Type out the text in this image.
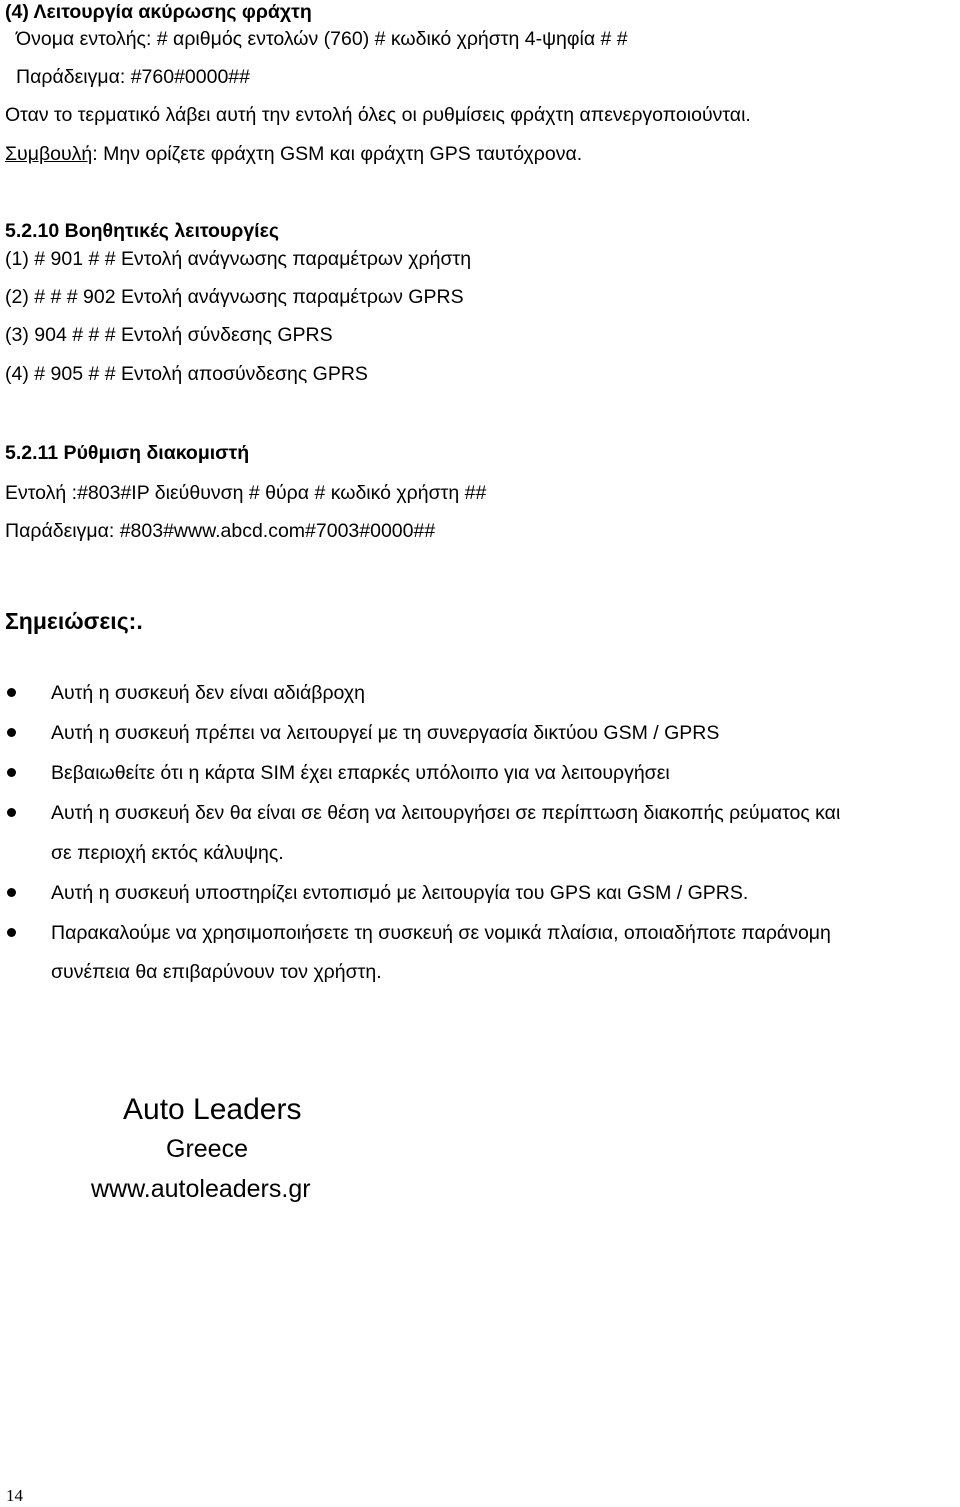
(4) Λειτουργία ακύρωσης φράχτη
Όνομα εντολής: # αριθμός εντολών (760) # κωδικό χρήστη 4-ψηφία # #
Παράδειγμα: #760#0000##
Οταν το τερματικό λάβει αυτή την εντολή όλες οι ρυθμίσεις φράχτη απενεργοποιούνται.
Συμβουλή: Μην ορίζετε φράχτη GSM και φράχτη GPS ταυτόχρονα.
5.2.10 Βοηθητικές λειτουργίες
(1) # 901 # # Εντολή ανάγνωσης παραμέτρων χρήστη
(2) # # # 902 Εντολή ανάγνωσης παραμέτρων GPRS
(3) 904 # # # Εντολή σύνδεσης GPRS
(4) # 905 # # Εντολή αποσύνδεσης GPRS
5.2.11 Ρύθμιση διακομιστή
Εντολή :#803#IP διεύθυνση # θύρα # κωδικό χρήστη ##
Παράδειγμα: #803#www.abcd.com#7003#0000##
Σημειώσεις:.
Αυτή η συσκευή δεν είναι αδιάβροχη
Αυτή η συσκευή πρέπει να λειτουργεί με τη συνεργασία δικτύου GSM / GPRS
Βεβαιωθείτε ότι η κάρτα SIM έχει επαρκές υπόλοιπο για να λειτουργήσει
Αυτή η συσκευή δεν θα είναι σε θέση να λειτουργήσει σε περίπτωση διακοπής ρεύματος και
σε περιοχή εκτός κάλυψης.
Αυτή η συσκευή υποστηρίζει εντοπισμό με λειτουργία του GPS και GSM / GPRS.
Παρακαλούμε να χρησιμοποιήσετε τη συσκευή σε νομικά πλαίσια, οποιαδήποτε παράνομη
συνέπεια θα επιβαρύνουν τον χρήστη.
Auto Leaders
Greece
www.autoleaders.gr
14
